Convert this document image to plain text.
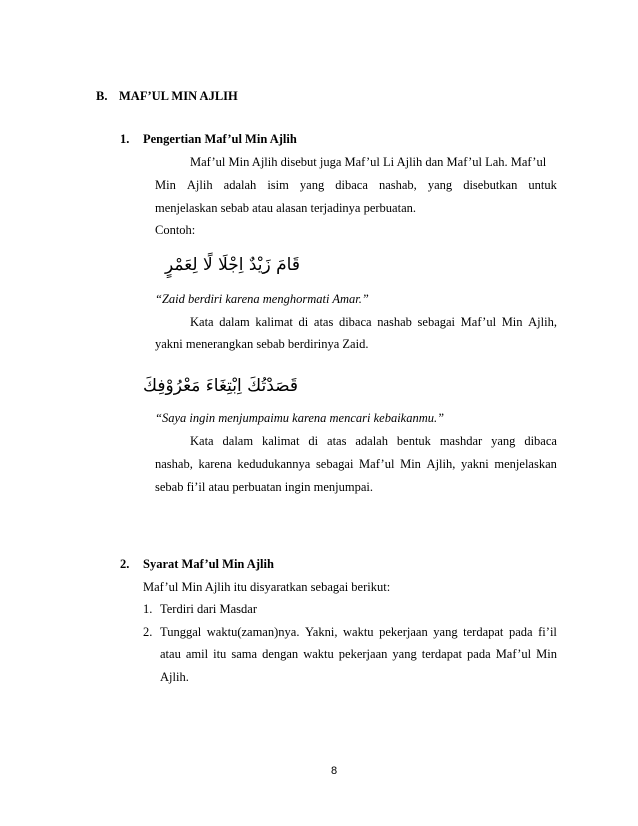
B. MAF’UL MIN AJLIH
1. Pengertian Maf’ul Min Ajlih
Maf’ul Min Ajlih disebut juga Maf’ul Li Ajlih dan Maf’ul Lah. Maf’ul
Min Ajlih adalah isim yang dibaca nashab, yang disebutkan untuk
menjelaskan sebab atau alasan terjadinya perbuatan.
Contoh:
قَامَ زَيْدٌ اِجْلَا لًا لِعَمْرٍ
“Zaid berdiri karena menghormati Amar.”
Kata dalam kalimat di atas dibaca nashab sebagai Maf’ul Min Ajlih,
yakni menerangkan sebab berdirinya Zaid.
قَصَدْتُكَ اِبْتِغَاءَ مَعْرُوْفِكَ
“Saya ingin menjumpaimu karena mencari kebaikanmu.”
Kata dalam kalimat di atas adalah bentuk mashdar yang dibaca
nashab, karena kedudukannya sebagai Maf’ul Min Ajlih, yakni menjelaskan
sebab fi’il atau perbuatan ingin menjumpai.
2. Syarat Maf’ul Min Ajlih
Maf’ul Min Ajlih itu disyaratkan sebagai berikut:
1. Terdiri dari Masdar
2. Tunggal waktu(zaman)nya. Yakni, waktu pekerjaan yang terdapat pada fi’il
atau amil itu sama dengan waktu pekerjaan yang terdapat pada Maf’ul Min
Ajlih.
8
